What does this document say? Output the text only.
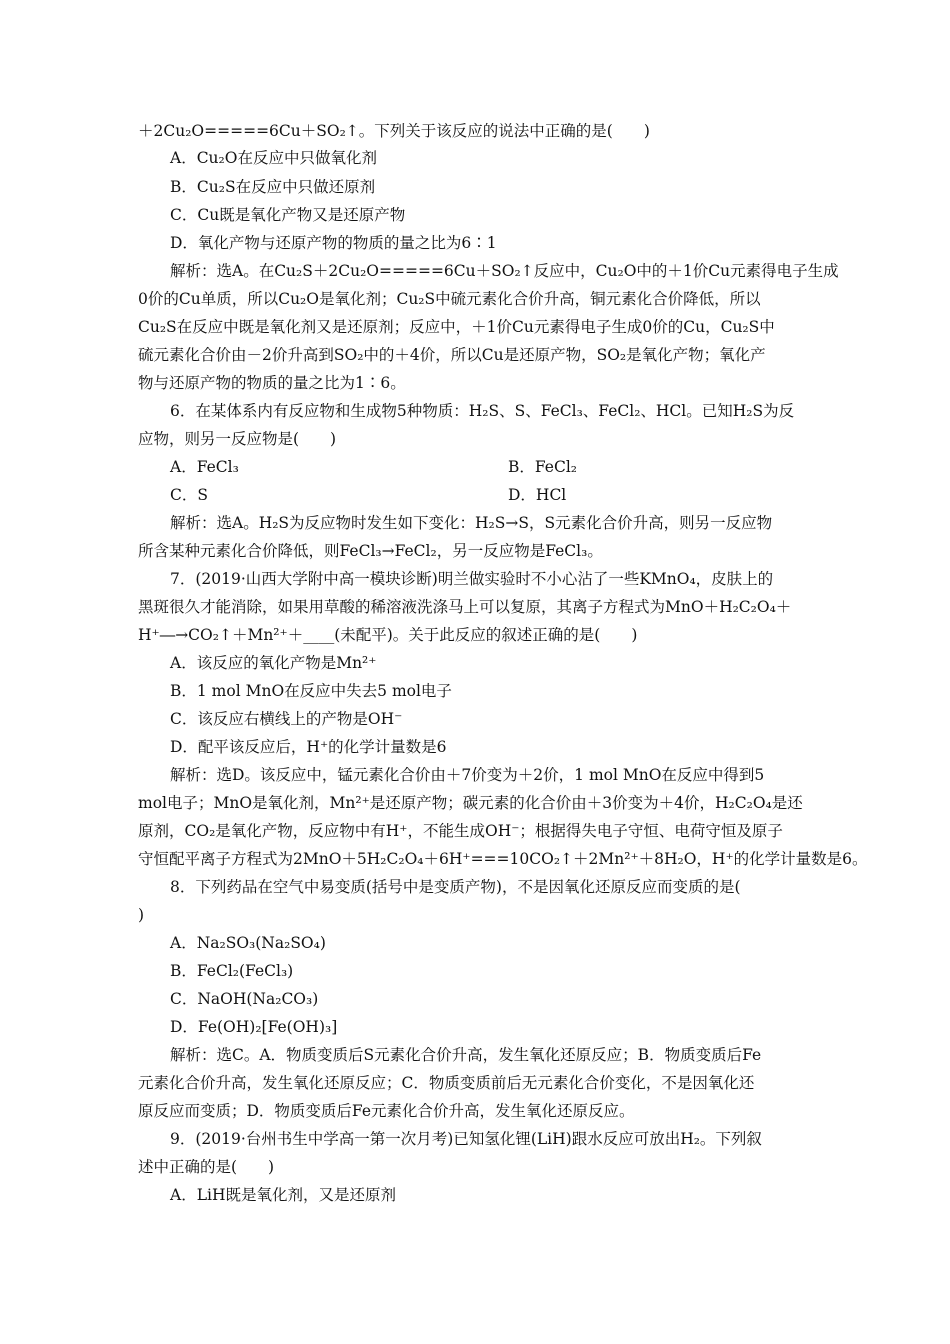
＋2Cu₂O=====6Cu＋SO₂↑。下列关于该反应的说法中正确的是(　　)
A．Cu₂O在反应中只做氧化剂
B．Cu₂S在反应中只做还原剂
C．Cu既是氧化产物又是还原产物
D．氧化产物与还原产物的物质的量之比为6∶1
解析：选A。在Cu₂S＋2Cu₂O=====6Cu＋SO₂↑反应中，Cu₂O中的＋1价Cu元素得电子生成
0价的Cu单质，所以Cu₂O是氧化剂；Cu₂S中硫元素化合价升高，铜元素化合价降低，所以
Cu₂S在反应中既是氧化剂又是还原剂；反应中，＋1价Cu元素得电子生成0价的Cu，Cu₂S中
硫元素化合价由－2价升高到SO₂中的＋4价，所以Cu是还原产物，SO₂是氧化产物；氧化产
物与还原产物的物质的量之比为1∶6。
6．在某体系内有反应物和生成物5种物质：H₂S、S、FeCl₃、FeCl₂、HCl。已知H₂S为反
应物，则另一反应物是(　　)
A．FeCl₃	B．FeCl₂
C．S	D．HCl
解析：选A。H₂S为反应物时发生如下变化：H₂S→S，S元素化合价升高，则另一反应物
所含某种元素化合价降低，则FeCl₃→FeCl₂，另一反应物是FeCl₃。
7．(2019·山西大学附中高一模块诊断)明兰做实验时不小心沾了一些KMnO₄，皮肤上的
黑斑很久才能消除，如果用草酸的稀溶液洗涤马上可以复原，其离子方程式为MnO＋H₂C₂O₄＋
H⁺―→CO₂↑＋Mn²⁺＋____(未配平)。关于此反应的叙述正确的是(　　)
A．该反应的氧化产物是Mn²⁺
B．1 mol MnO在反应中失去5 mol电子
C．该反应右横线上的产物是OH⁻
D．配平该反应后，H⁺的化学计量数是6
解析：选D。该反应中，锰元素化合价由＋7价变为＋2价，1 mol MnO在反应中得到5
mol电子；MnO是氧化剂，Mn²⁺是还原产物；碳元素的化合价由＋3价变为＋4价，H₂C₂O₄是还
原剂，CO₂是氧化产物，反应物中有H⁺，不能生成OH⁻；根据得失电子守恒、电荷守恒及原子
守恒配平离子方程式为2MnO＋5H₂C₂O₄＋6H⁺===10CO₂↑＋2Mn²⁺＋8H₂O，H⁺的化学计量数是6。
8．下列药品在空气中易变质(括号中是变质产物)，不是因氧化还原反应而变质的是(
)
A．Na₂SO₃(Na₂SO₄)
B．FeCl₂(FeCl₃)
C．NaOH(Na₂CO₃)
D．Fe(OH)₂[Fe(OH)₃]
解析：选C。A．物质变质后S元素化合价升高，发生氧化还原反应；B．物质变质后Fe
元素化合价升高，发生氧化还原反应；C．物质变质前后无元素化合价变化，不是因氧化还
原反应而变质；D．物质变质后Fe元素化合价升高，发生氧化还原反应。
9．(2019·台州书生中学高一第一次月考)已知氢化锂(LiH)跟水反应可放出H₂。下列叙
述中正确的是(　　)
A．LiH既是氧化剂，又是还原剂
